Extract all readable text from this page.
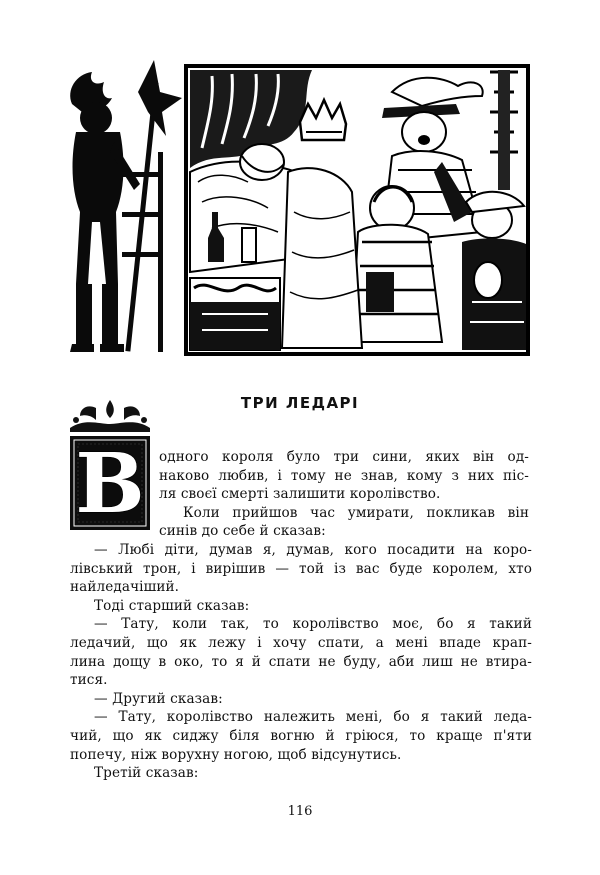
ТРИ ЛЕДАРІ
В одного короля було три сини, яких він од-
наково любив, і тому не знав, кому з них піс-
ля своєї смерті залишити королівство.
Коли прийшов час умирати, покликав він
синів до себе й сказав:
— Любі діти, думав я, думав, кого посадити на коро-
лівський трон, і вирішив — той із вас буде королем, хто
найледачіший.
Тоді старший сказав:
— Тату, коли так, то королівство моє, бо я такий
ледачий, що як лежу і хочу спати, а мені впаде крап-
лина дощу в око, то я й спати не буду, аби лиш не втира-
тися.
— Другий сказав:
— Тату, королівство належить мені, бо я такий ледa-
чий, що як сиджу біля вогню й гріюся, то краще п'яти
попечу, ніж ворухну ногою, щоб відсунутись.
Третій сказав:
116
